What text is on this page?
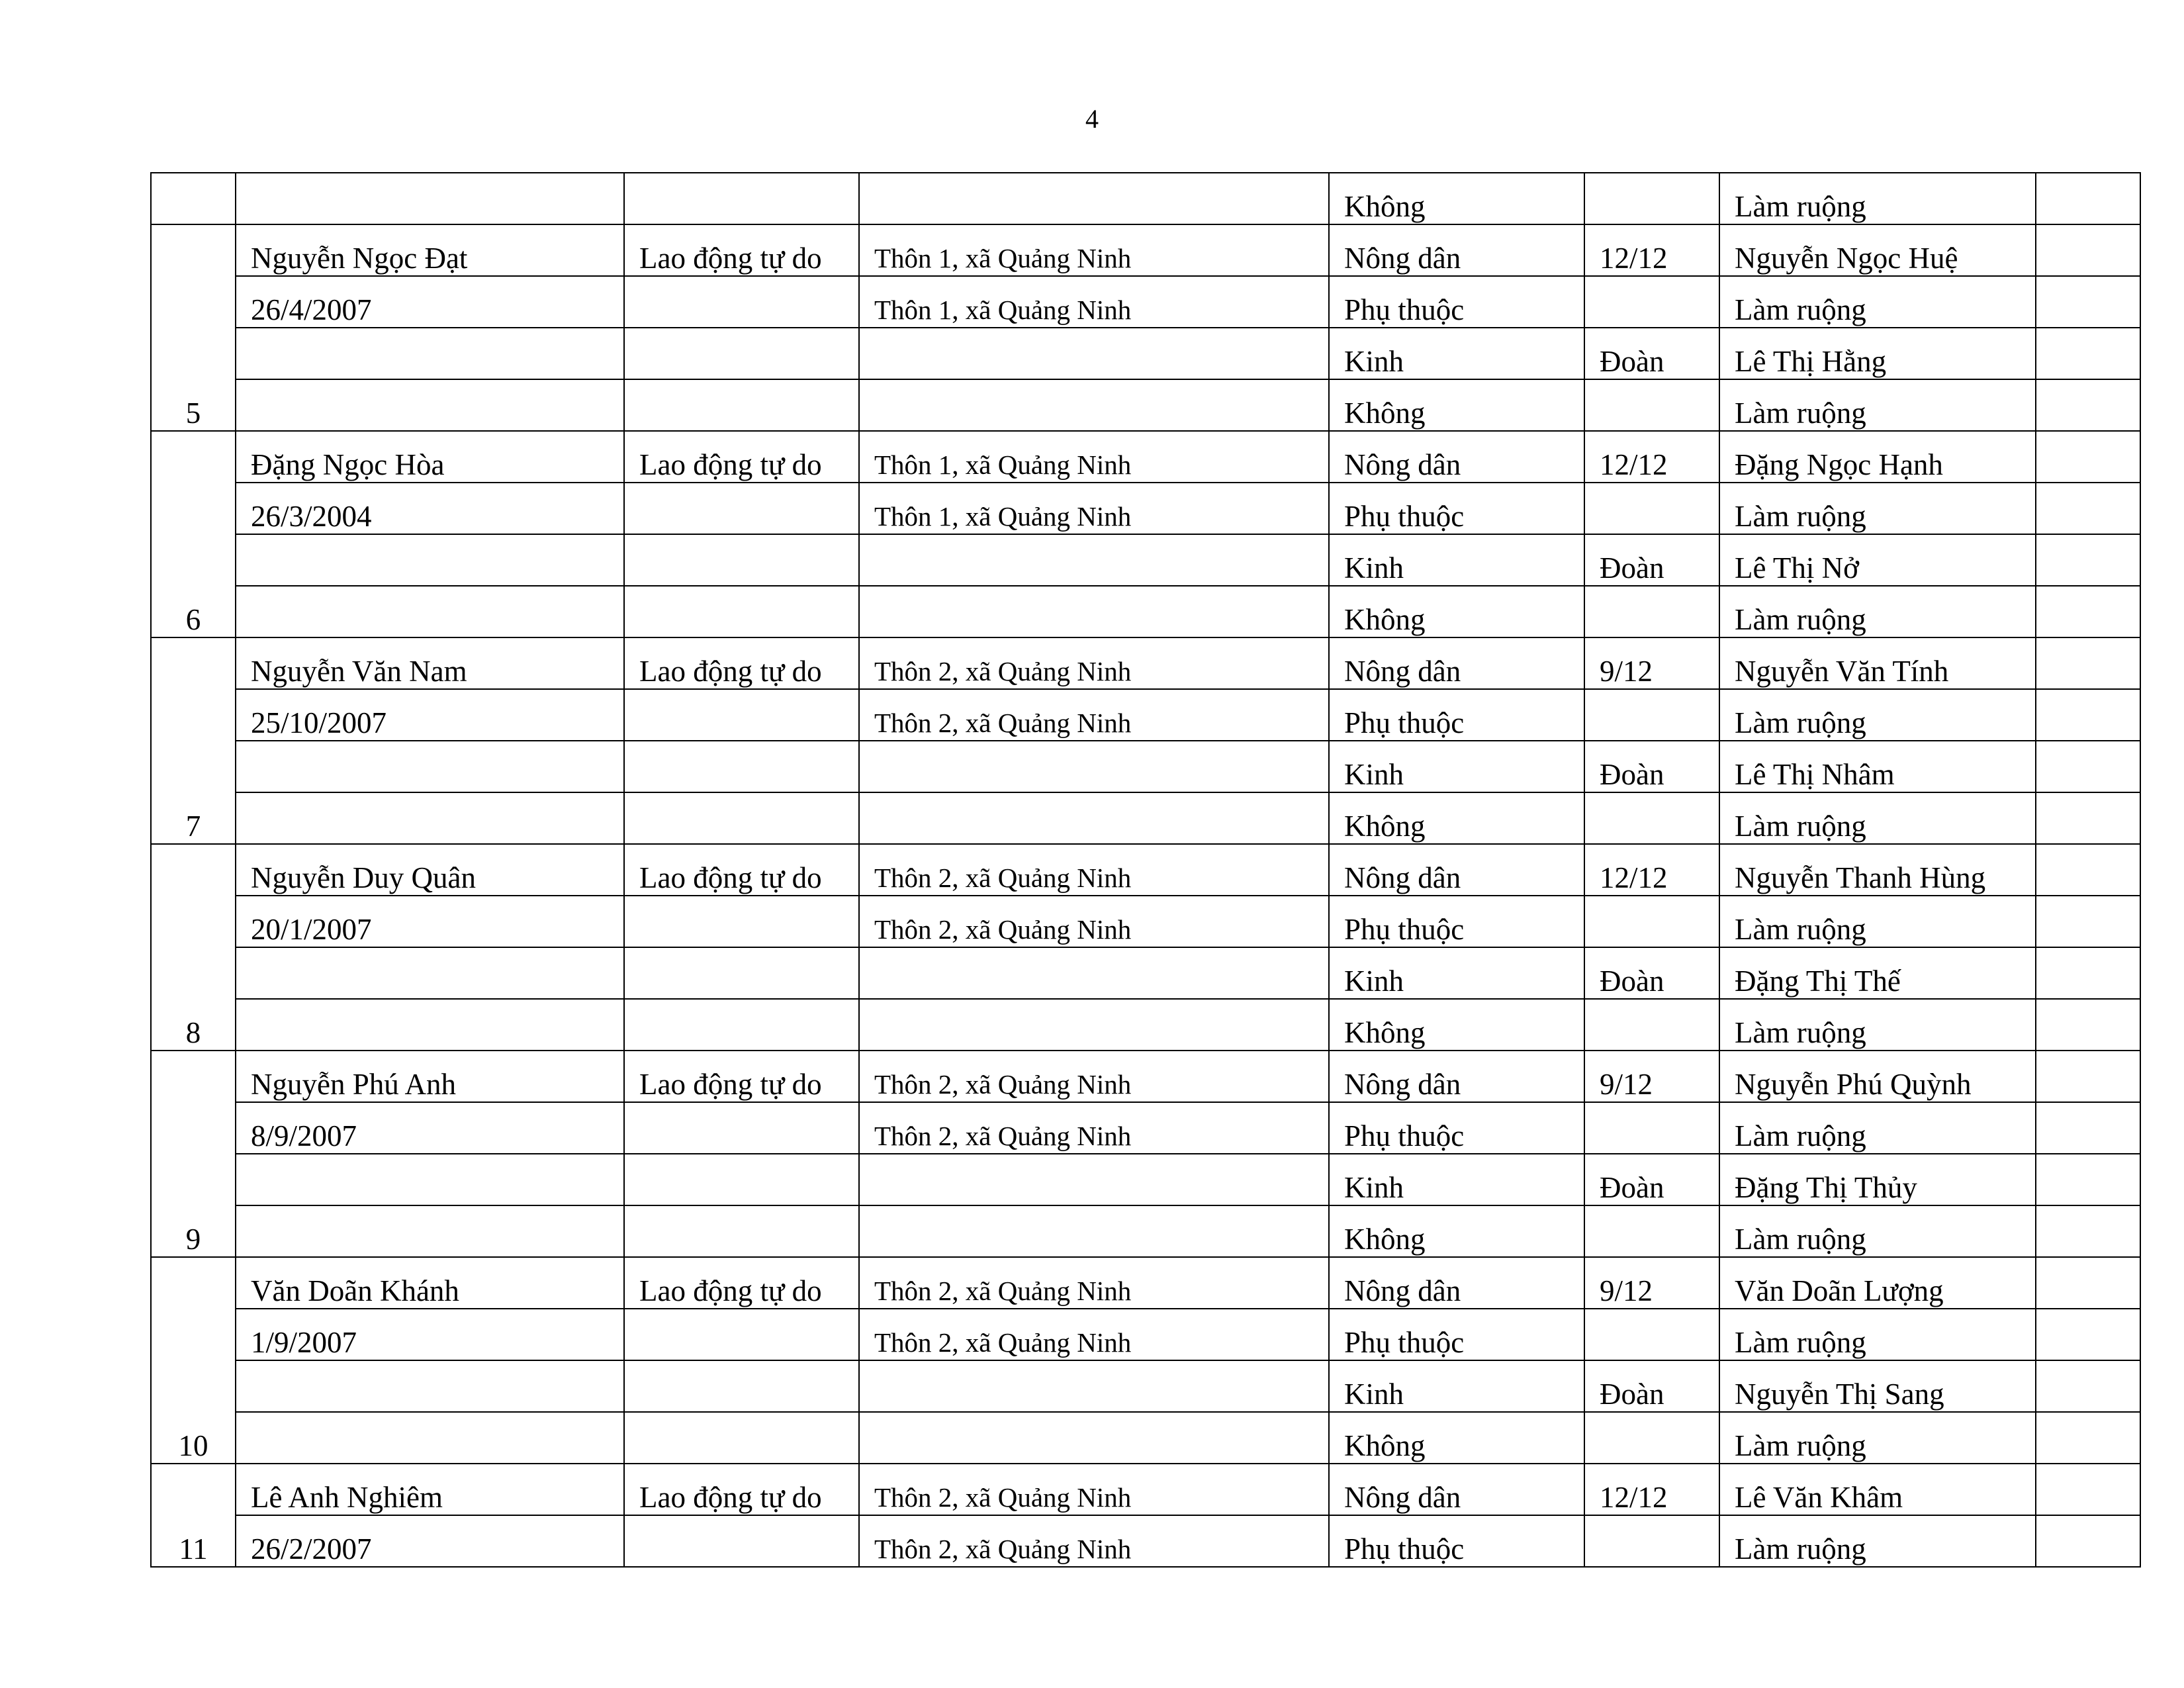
4
				Không		Làm ruộng	
5	Nguyễn Ngọc Đạt	Lao động tự do	Thôn 1, xã Quảng Ninh	Nông dân	12/12	Nguyễn Ngọc Huệ	
	26/4/2007		Thôn 1, xã Quảng Ninh	Phụ thuộc		Làm ruộng	
				Kinh	Đoàn	Lê Thị Hằng	
				Không		Làm ruộng	
6	Đặng Ngọc Hòa	Lao động tự do	Thôn 1, xã Quảng Ninh	Nông dân	12/12	Đặng Ngọc Hạnh	
	26/3/2004		Thôn 1, xã Quảng Ninh	Phụ thuộc		Làm ruộng	
				Kinh	Đoàn	Lê Thị Nở	
				Không		Làm ruộng	
7	Nguyễn Văn Nam	Lao động tự do	Thôn 2, xã Quảng Ninh	Nông dân	9/12	Nguyễn Văn Tính	
	25/10/2007		Thôn 2, xã Quảng Ninh	Phụ thuộc		Làm ruộng	
				Kinh	Đoàn	Lê Thị Nhâm	
				Không		Làm ruộng	
8	Nguyễn Duy Quân	Lao động tự do	Thôn 2, xã Quảng Ninh	Nông dân	12/12	Nguyễn Thanh Hùng	
	20/1/2007		Thôn 2, xã Quảng Ninh	Phụ thuộc		Làm ruộng	
				Kinh	Đoàn	Đặng Thị Thế	
				Không		Làm ruộng	
9	Nguyễn Phú Anh	Lao động tự do	Thôn 2, xã Quảng Ninh	Nông dân	9/12	Nguyễn Phú Quỳnh	
	8/9/2007		Thôn 2, xã Quảng Ninh	Phụ thuộc		Làm ruộng	
				Kinh	Đoàn	Đặng Thị Thủy	
				Không		Làm ruộng	
10	Văn Doãn Khánh	Lao động tự do	Thôn 2, xã Quảng Ninh	Nông dân	9/12	Văn Doãn Lượng	
	1/9/2007		Thôn 2, xã Quảng Ninh	Phụ thuộc		Làm ruộng	
				Kinh	Đoàn	Nguyễn Thị Sang	
				Không		Làm ruộng	
11	Lê Anh Nghiêm	Lao động tự do	Thôn 2, xã Quảng Ninh	Nông dân	12/12	Lê Văn Khâm	
	26/2/2007		Thôn 2, xã Quảng Ninh	Phụ thuộc		Làm ruộng	
